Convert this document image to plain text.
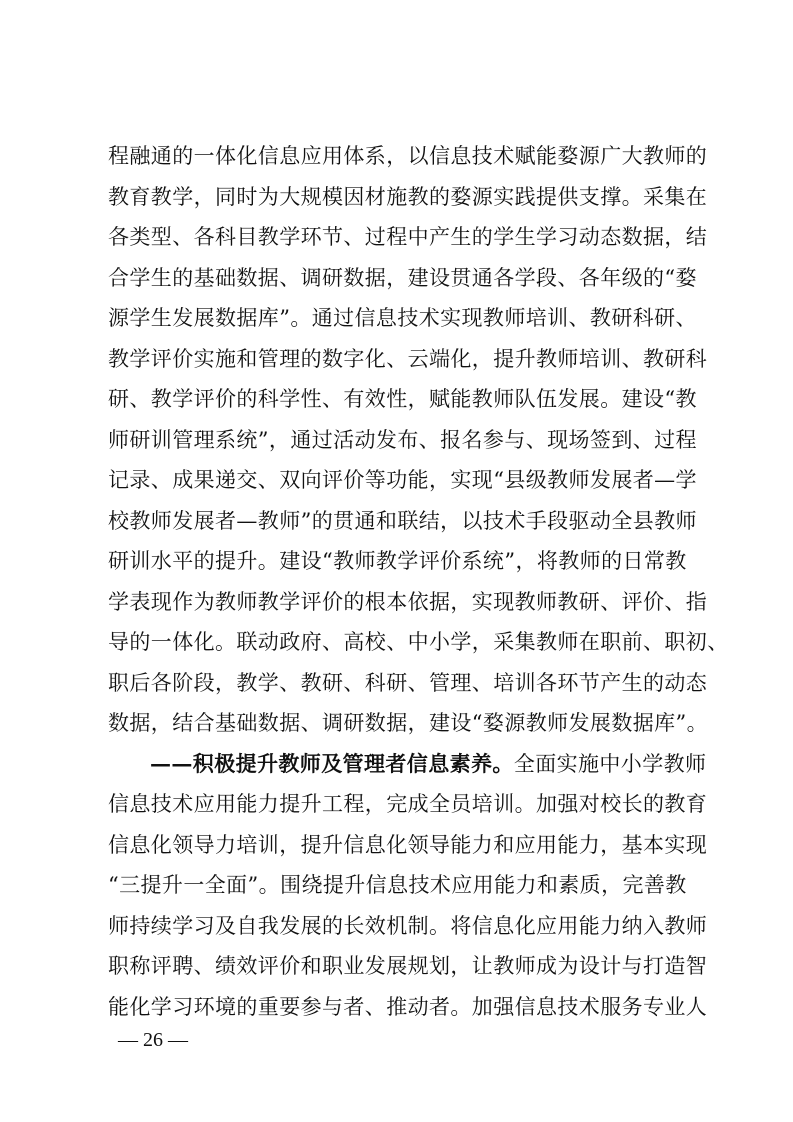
程融通的一体化信息应用体系，以信息技术赋能婺源广大教师的
教育教学，同时为大规模因材施教的婺源实践提供支撑。采集在
各类型、各科目教学环节、过程中产生的学生学习动态数据，结
合学生的基础数据、调研数据，建设贯通各学段、各年级的“婺
源学生发展数据库”。通过信息技术实现教师培训、教研科研、
教学评价实施和管理的数字化、云端化，提升教师培训、教研科
研、教学评价的科学性、有效性，赋能教师队伍发展。建设“教
师研训管理系统”，通过活动发布、报名参与、现场签到、过程
记录、成果递交、双向评价等功能，实现“县级教师发展者—学
校教师发展者—教师”的贯通和联结，以技术手段驱动全县教师
研训水平的提升。建设“教师教学评价系统”，将教师的日常教
学表现作为教师教学评价的根本依据，实现教师教研、评价、指
导的一体化。联动政府、高校、中小学，采集教师在职前、职初、
职后各阶段，教学、教研、科研、管理、培训各环节产生的动态
数据，结合基础数据、调研数据，建设“婺源教师发展数据库”。
——积极提升教师及管理者信息素养。全面实施中小学教师
信息技术应用能力提升工程，完成全员培训。加强对校长的教育
信息化领导力培训，提升信息化领导能力和应用能力，基本实现
“三提升一全面”。围绕提升信息技术应用能力和素质，完善教
师持续学习及自我发展的长效机制。将信息化应用能力纳入教师
职称评聘、绩效评价和职业发展规划，让教师成为设计与打造智
能化学习环境的重要参与者、推动者。加强信息技术服务专业人
— 26 —
